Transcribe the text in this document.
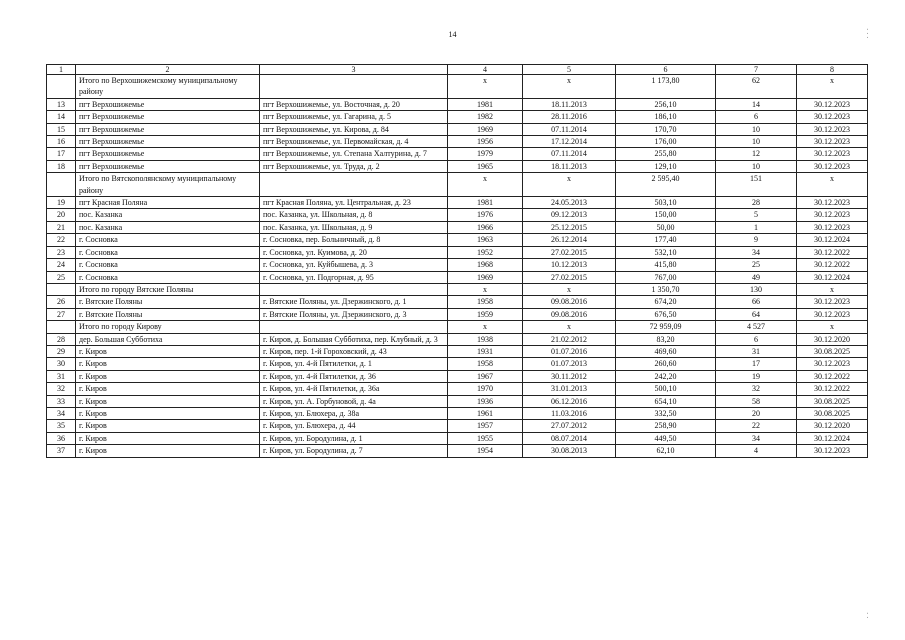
14
1	2	3	4	5	6	7	8
	Итого по Верхошижемскому муниципальному району		x	x	1 173,80	62	x
13	пгт Верхошижемье	пгт Верхошижемье, ул. Восточная, д. 20	1981	18.11.2013	256,10	14	30.12.2023
14	пгт Верхошижемье	пгт Верхошижемье, ул. Гагарина, д. 5	1982	28.11.2016	186,10	6	30.12.2023
15	пгт Верхошижемье	пгт Верхошижемье, ул. Кирова, д. 84	1969	07.11.2014	170,70	10	30.12.2023
16	пгт Верхошижемье	пгт Верхошижемье, ул. Первомайская, д. 4	1956	17.12.2014	176,00	10	30.12.2023
17	пгт Верхошижемье	пгт Верхошижемье, ул. Степана Халтурина, д. 7	1979	07.11.2014	255,80	12	30.12.2023
18	пгт Верхошижемье	пгт Верхошижемье, ул. Труда, д. 2	1965	18.11.2013	129,10	10	30.12.2023
	Итого по Вятскополянскому муниципальному району		x	x	2 595,40	151	x
19	пгт Красная Поляна	пгт Красная Поляна, ул. Центральная, д. 23	1981	24.05.2013	503,10	28	30.12.2023
20	пос. Казанка	пос. Казанка, ул. Школьная, д. 8	1976	09.12.2013	150,00	5	30.12.2023
21	пос. Казанка	пос. Казанка, ул. Школьная, д. 9	1966	25.12.2015	50,00	1	30.12.2023
22	г. Сосновка	г. Сосновка, пер. Больничный, д. 8	1963	26.12.2014	177,40	9	30.12.2024
23	г. Сосновка	г. Сосновка, ул. Куимова, д. 20	1952	27.02.2015	532,10	34	30.12.2022
24	г. Сосновка	г. Сосновка, ул. Куйбышева, д. 3	1968	10.12.2013	415,80	25	30.12.2022
25	г. Сосновка	г. Сосновка, ул. Подгорная, д. 95	1969	27.02.2015	767,00	49	30.12.2024
	Итого по городу Вятские Поляны		x	x	1 350,70	130	x
26	г. Вятские Поляны	г. Вятские Поляны, ул. Дзержинского, д. 1	1958	09.08.2016	674,20	66	30.12.2023
27	г. Вятские Поляны	г. Вятские Поляны, ул. Дзержинского, д. 3	1959	09.08.2016	676,50	64	30.12.2023
	Итого по городу Кирову		x	x	72 959,09	4 527	x
28	дер. Большая Субботиха	г. Киров, д. Большая Субботиха, пер. Клубный, д. 3	1938	21.02.2012	83,20	6	30.12.2020
29	г. Киров	г. Киров, пер. 1-й Гороховский, д. 43	1931	01.07.2016	469,60	31	30.08.2025
30	г. Киров	г. Киров, ул. 4-й Пятилетки, д. 1	1958	01.07.2013	260,60	17	30.12.2023
31	г. Киров	г. Киров, ул. 4-й Пятилетки, д. 36	1967	30.11.2012	242,20	19	30.12.2022
32	г. Киров	г. Киров, ул. 4-й Пятилетки, д. 36а	1970	31.01.2013	500,10	32	30.12.2022
33	г. Киров	г. Киров, ул. А. Горбуновой, д. 4а	1936	06.12.2016	654,10	58	30.08.2025
34	г. Киров	г. Киров, ул. Блюхера, д. 38а	1961	11.03.2016	332,50	20	30.08.2025
35	г. Киров	г. Киров, ул. Блюхера, д. 44	1957	27.07.2012	258,90	22	30.12.2020
36	г. Киров	г. Киров, ул. Бородулина, д. 1	1955	08.07.2014	449,50	34	30.12.2024
37	г. Киров	г. Киров, ул. Бородулина, д. 7	1954	30.08.2013	62,10	4	30.12.2023
· · ·
· ·
